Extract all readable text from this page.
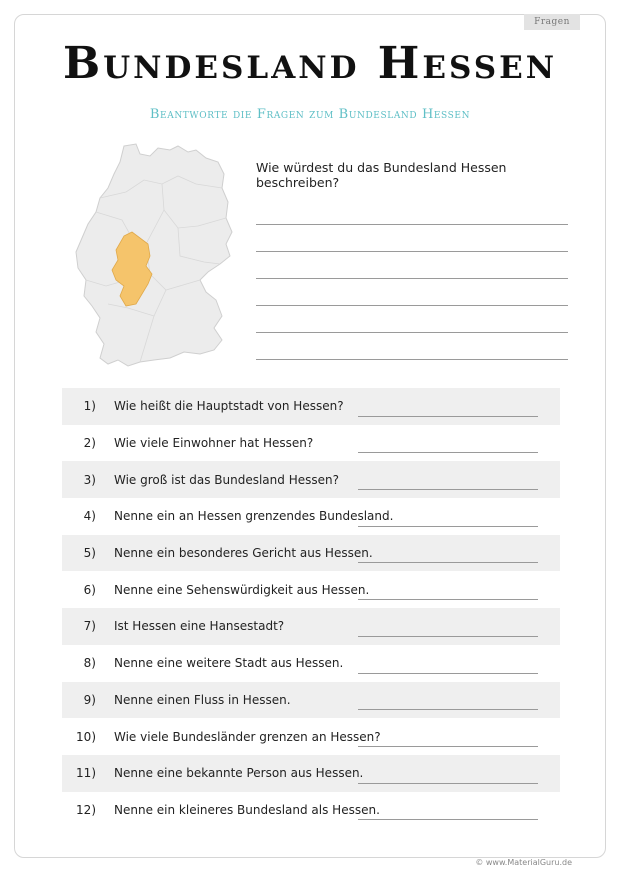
Fragen
Bundesland Hessen
Beantworte die Fragen zum Bundesland Hessen
Wie würdest du das Bundesland Hessen beschreiben?
1) Wie heißt die Hauptstadt von Hessen?
2) Wie viele Einwohner hat Hessen?
3) Wie groß ist das Bundesland Hessen?
4) Nenne ein an Hessen grenzendes Bundesland.
5) Nenne ein besonderes Gericht aus Hessen.
6) Nenne eine Sehenswürdigkeit aus Hessen.
7) Ist Hessen eine Hansestadt?
8) Nenne eine weitere Stadt aus Hessen.
9) Nenne einen Fluss in Hessen.
10) Wie viele Bundesländer grenzen an Hessen?
11) Nenne eine bekannte Person aus Hessen.
12) Nenne ein kleineres Bundesland als Hessen.
© www.MaterialGuru.de
